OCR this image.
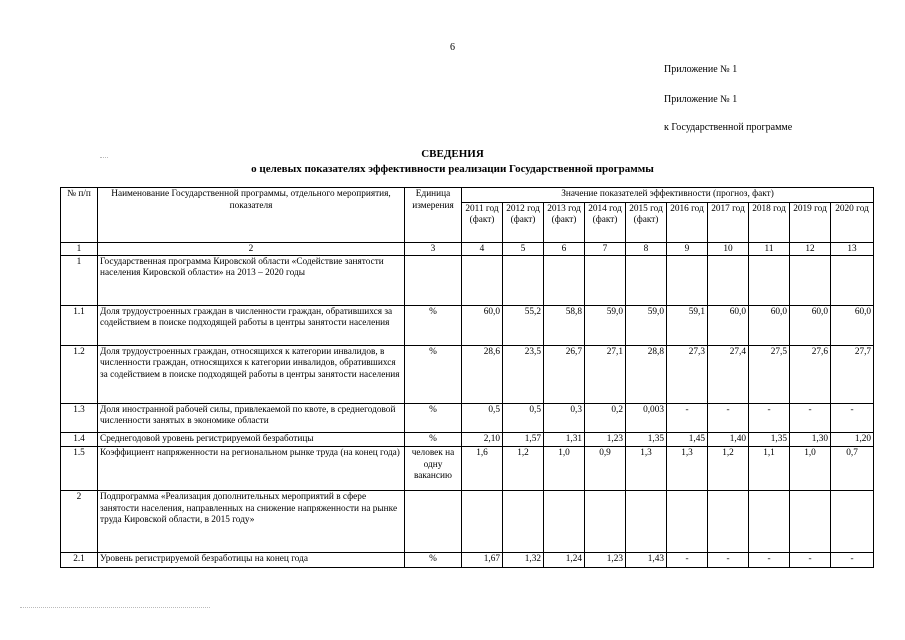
6
Приложение № 1
Приложение № 1
к Государственной программе
СВЕДЕНИЯ
о целевых показателях эффективности реализации Государственной программы
№ п/п	Наименование Государственной программы, отдельного мероприятия, показателя	Единица измерения	Значение показателей эффективности (прогноз, факт)									
			2011 год (факт)	2012 год (факт)	2013 год (факт)	2014 год (факт)	2015 год (факт)	2016 год	2017 год	2018 год	2019 год	2020 год
1	2	3	4	5	6	7	8	9	10	11	12	13
1	Государственная программа Кировской области «Содействие занятости населения Кировской области» на 2013 – 2020 годы											
1.1	Доля трудоустроенных граждан в численности граждан, обратившихся за содействием в поиске подходящей работы в центры занятости населения	%	60,0	55,2	58,8	59,0	59,0	59,1	60,0	60,0	60,0	60,0
1.2	Доля трудоустроенных граждан, относящихся к категории инвалидов, в численности граждан, относящихся к категории инвалидов, обратившихся за содействием в поиске подходящей работы в центры занятости населения	%	28,6	23,5	26,7	27,1	28,8	27,3	27,4	27,5	27,6	27,7
1.3	Доля иностранной рабочей силы, привлекаемой по квоте, в среднегодовой численности занятых в экономике области	%	0,5	0,5	0,3	0,2	0,003	-	-	-	-	-
1.4	Среднегодовой уровень регистрируемой безработицы	%	2,10	1,57	1,31	1,23	1,35	1,45	1,40	1,35	1,30	1,20
1.5	Коэффициент напряженности на региональном рынке труда (на конец года)	человек на одну вакансию	1,6	1,2	1,0	0,9	1,3	1,3	1,2	1,1	1,0	0,7
2	Подпрограмма «Реализация дополнительных мероприятий в сфере занятости населения, направленных на снижение напряженности на рынке труда Кировской области, в 2015 году»											
2.1	Уровень регистрируемой безработицы на конец года	%	1,67	1,32	1,24	1,23	1,43	-	-	-	-	-
